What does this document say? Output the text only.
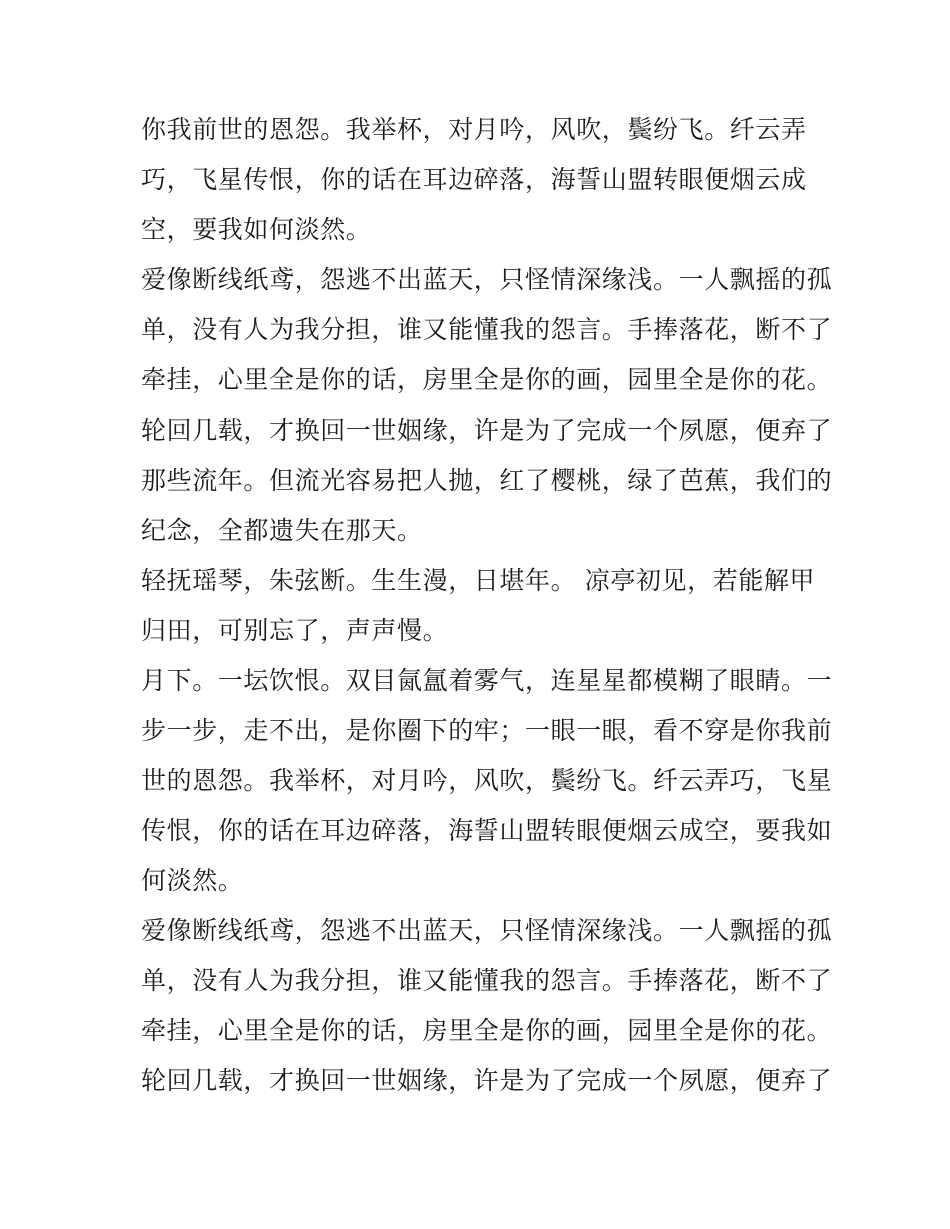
你我前世的恩怨。我举杯，对月吟，风吹，鬓纷飞。纤云弄
巧，飞星传恨，你的话在耳边碎落，海誓山盟转眼便烟云成
空，要我如何淡然。
爱像断线纸鸢，怨逃不出蓝天，只怪情深缘浅。一人飘摇的孤
单，没有人为我分担，谁又能懂我的怨言。手捧落花，断不了
牵挂，心里全是你的话，房里全是你的画，园里全是你的花。
轮回几载，才换回一世姻缘，许是为了完成一个夙愿，便弃了
那些流年。但流光容易把人抛，红了樱桃，绿了芭蕉，我们的
纪念，全都遗失在那天。
轻抚瑶琴，朱弦断。生生漫，日堪年。 凉亭初见，若能解甲
归田，可别忘了，声声慢。
月下。一坛饮恨。双目氤氲着雾气，连星星都模糊了眼睛。一
步一步，走不出，是你圈下的牢；一眼一眼，看不穿是你我前
世的恩怨。我举杯，对月吟，风吹，鬓纷飞。纤云弄巧，飞星
传恨，你的话在耳边碎落，海誓山盟转眼便烟云成空，要我如
何淡然。
爱像断线纸鸢，怨逃不出蓝天，只怪情深缘浅。一人飘摇的孤
单，没有人为我分担，谁又能懂我的怨言。手捧落花，断不了
牵挂，心里全是你的话，房里全是你的画，园里全是你的花。
轮回几载，才换回一世姻缘，许是为了完成一个夙愿，便弃了
